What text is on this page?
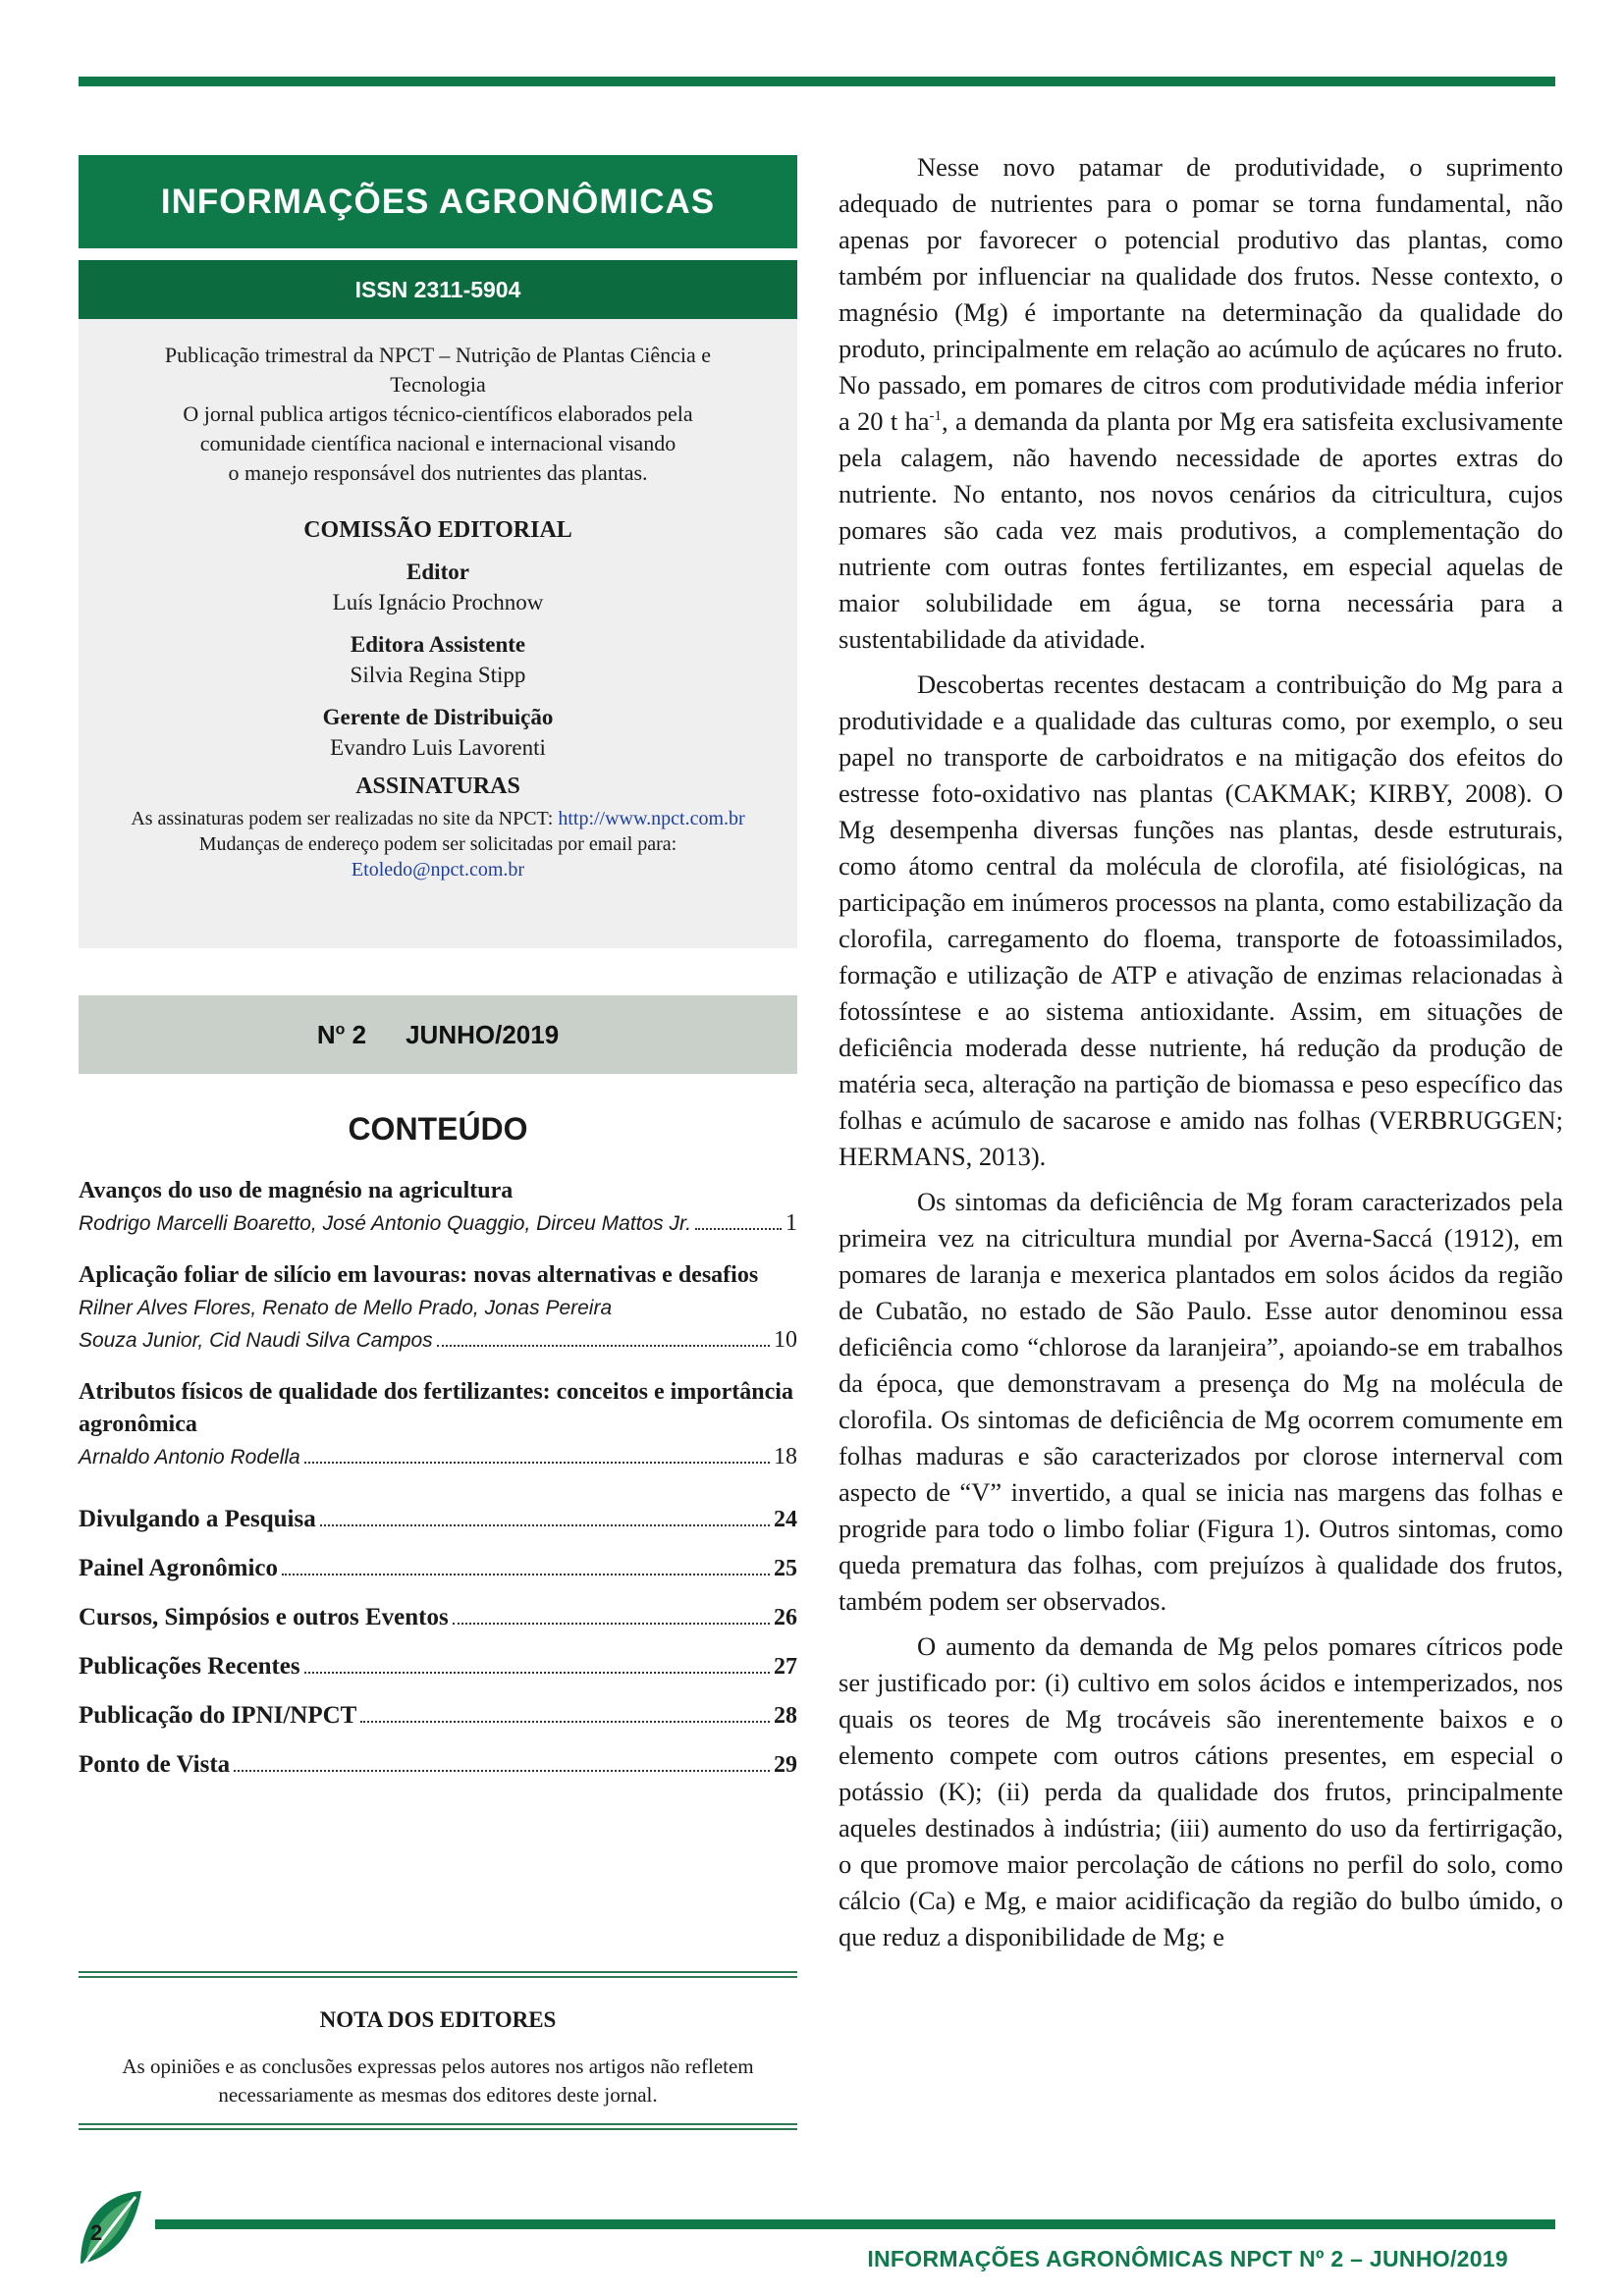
INFORMAÇÕES AGRONÔMICAS
ISSN 2311-5904

Publicação trimestral da NPCT – Nutrição de Plantas Ciência e

Tecnologia

O jornal publica artigos técnico-científicos elaborados pela

comunidade científica nacional e internacional visando

o manejo responsável dos nutrientes das plantas.

COMISSÃO EDITORIAL
Editor
Luís Ignácio Prochnow
Editora Assistente
Silvia Regina Stipp
Gerente de Distribuição
Evandro Luis Lavorenti
ASSINATURAS
As assinaturas podem ser realizadas no site da NPCT: http://www.npct.com.br
Mudanças de endereço podem ser solicitadas por email para:
Etoledo@npct.com.br
$N^o$ 2 JUNHO/2019
CONTEÚDO
Avanços do uso de magnésio na agricultura
Rodrigo Marcelli Boaretto, José Antonio Quaggio, Dirceu Mattos Jr.	1
Aplicação foliar de silício em lavouras: novas alternativas e desafios
Rilner Alves Flores, Renato de Mello Prado, Jonas Pereira
Souza Junior, Cid Naudi Silva Campos	10
Atributos físicos de qualidade dos fertilizantes: conceitos e importância agronômica
Arnaldo Antonio Rodella	18
Divulgando a Pesquisa	24
Painel Agronômico	25
Cursos, Simpósios e outros Eventos	26
Publicações Recentes	27
Publicação do IPNI/NPCT	28
Ponto de Vista	29
NOTA DOS EDITORES
As opiniões e as conclusões expressas pelos autores nos artigos não refletem necessariamente as mesmas dos editores deste jornal.

Nesse novo patamar de produtividade, o suprimento adequado de nutrientes para o pomar se torna fundamental, não apenas por favorecer o potencial produtivo das plantas, como também por influenciar na qualidade dos frutos. Nesse contexto, o magnésio (Mg) é importante na determinação da qualidade do produto, principalmente em relação ao acúmulo de açúcares no fruto. No passado, em pomares de citros com produtividade média inferior a 20 t $ha^{-1}$, a demanda da planta por Mg era satisfeita exclusivamente pela calagem, não havendo necessidade de aportes extras do nutriente. No entanto, nos novos cenários da citricultura, cujos pomares são cada vez mais produtivos, a complementação do nutriente com outras fontes fertilizantes, em especial aquelas de maior solubilidade em água, se torna necessária para a sustentabilidade da atividade.

Descobertas recentes destacam a contribuição do Mg para a produtividade e a qualidade das culturas como, por exemplo, o seu papel no transporte de carboidratos e na mitigação dos efeitos do estresse foto-oxidativo nas plantas (CAKMAK; KIRBY, 2008). O Mg desempenha diversas funções nas plantas, desde estruturais, como átomo central da molécula de clorofila, até fisiológicas, na participação em inúmeros processos na planta, como estabilização da clorofila, carregamento do floema, transporte de fotoassimilados, formação e utilização de ATP e ativação de enzimas relacionadas à fotossíntese e ao sistema antioxidante. Assim, em situações de deficiência moderada desse nutriente, há redução da produção de matéria seca, alteração na partição de biomassa e peso específico das folhas e acúmulo de sacarose e amido nas folhas (VERBRUGGEN; HERMANS, 2013).

Os sintomas da deficiência de Mg foram caracterizados pela primeira vez na citricultura mundial por Averna-Saccá (1912), em pomares de laranja e mexerica plantados em solos ácidos da região de Cubatão, no estado de São Paulo. Esse autor denominou essa deficiência como “chlorose da laranjeira”, apoiando-se em trabalhos da época, que demonstravam a presença do Mg na molécula de clorofila. Os sintomas de deficiência de Mg ocorrem comumente em folhas maduras e são caracterizados por clorose internerval com aspecto de “V” invertido, a qual se inicia nas margens das folhas e progride para todo o limbo foliar (Figura 1). Outros sintomas, como queda prematura das folhas, com prejuízos à qualidade dos frutos, também podem ser observados.

O aumento da demanda de Mg pelos pomares cítricos pode ser justificado por: (i) cultivo em solos ácidos e intemperizados, nos quais os teores de Mg trocáveis são inerentemente baixos e o elemento compete com outros cátions presentes, em especial o potássio (K); (ii) perda da qualidade dos frutos, principalmente aqueles destinados à indústria; (iii) aumento do uso da fertirrigação, o que promove maior percolação de cátions no perfil do solo, como cálcio (Ca) e Mg, e maior acidificação da região do bulbo úmido, o que reduz a disponibilidade de Mg; e

2
INFORMAÇÕES AGRONÔMICAS NPCT Nº 2 – JUNHO/2019
